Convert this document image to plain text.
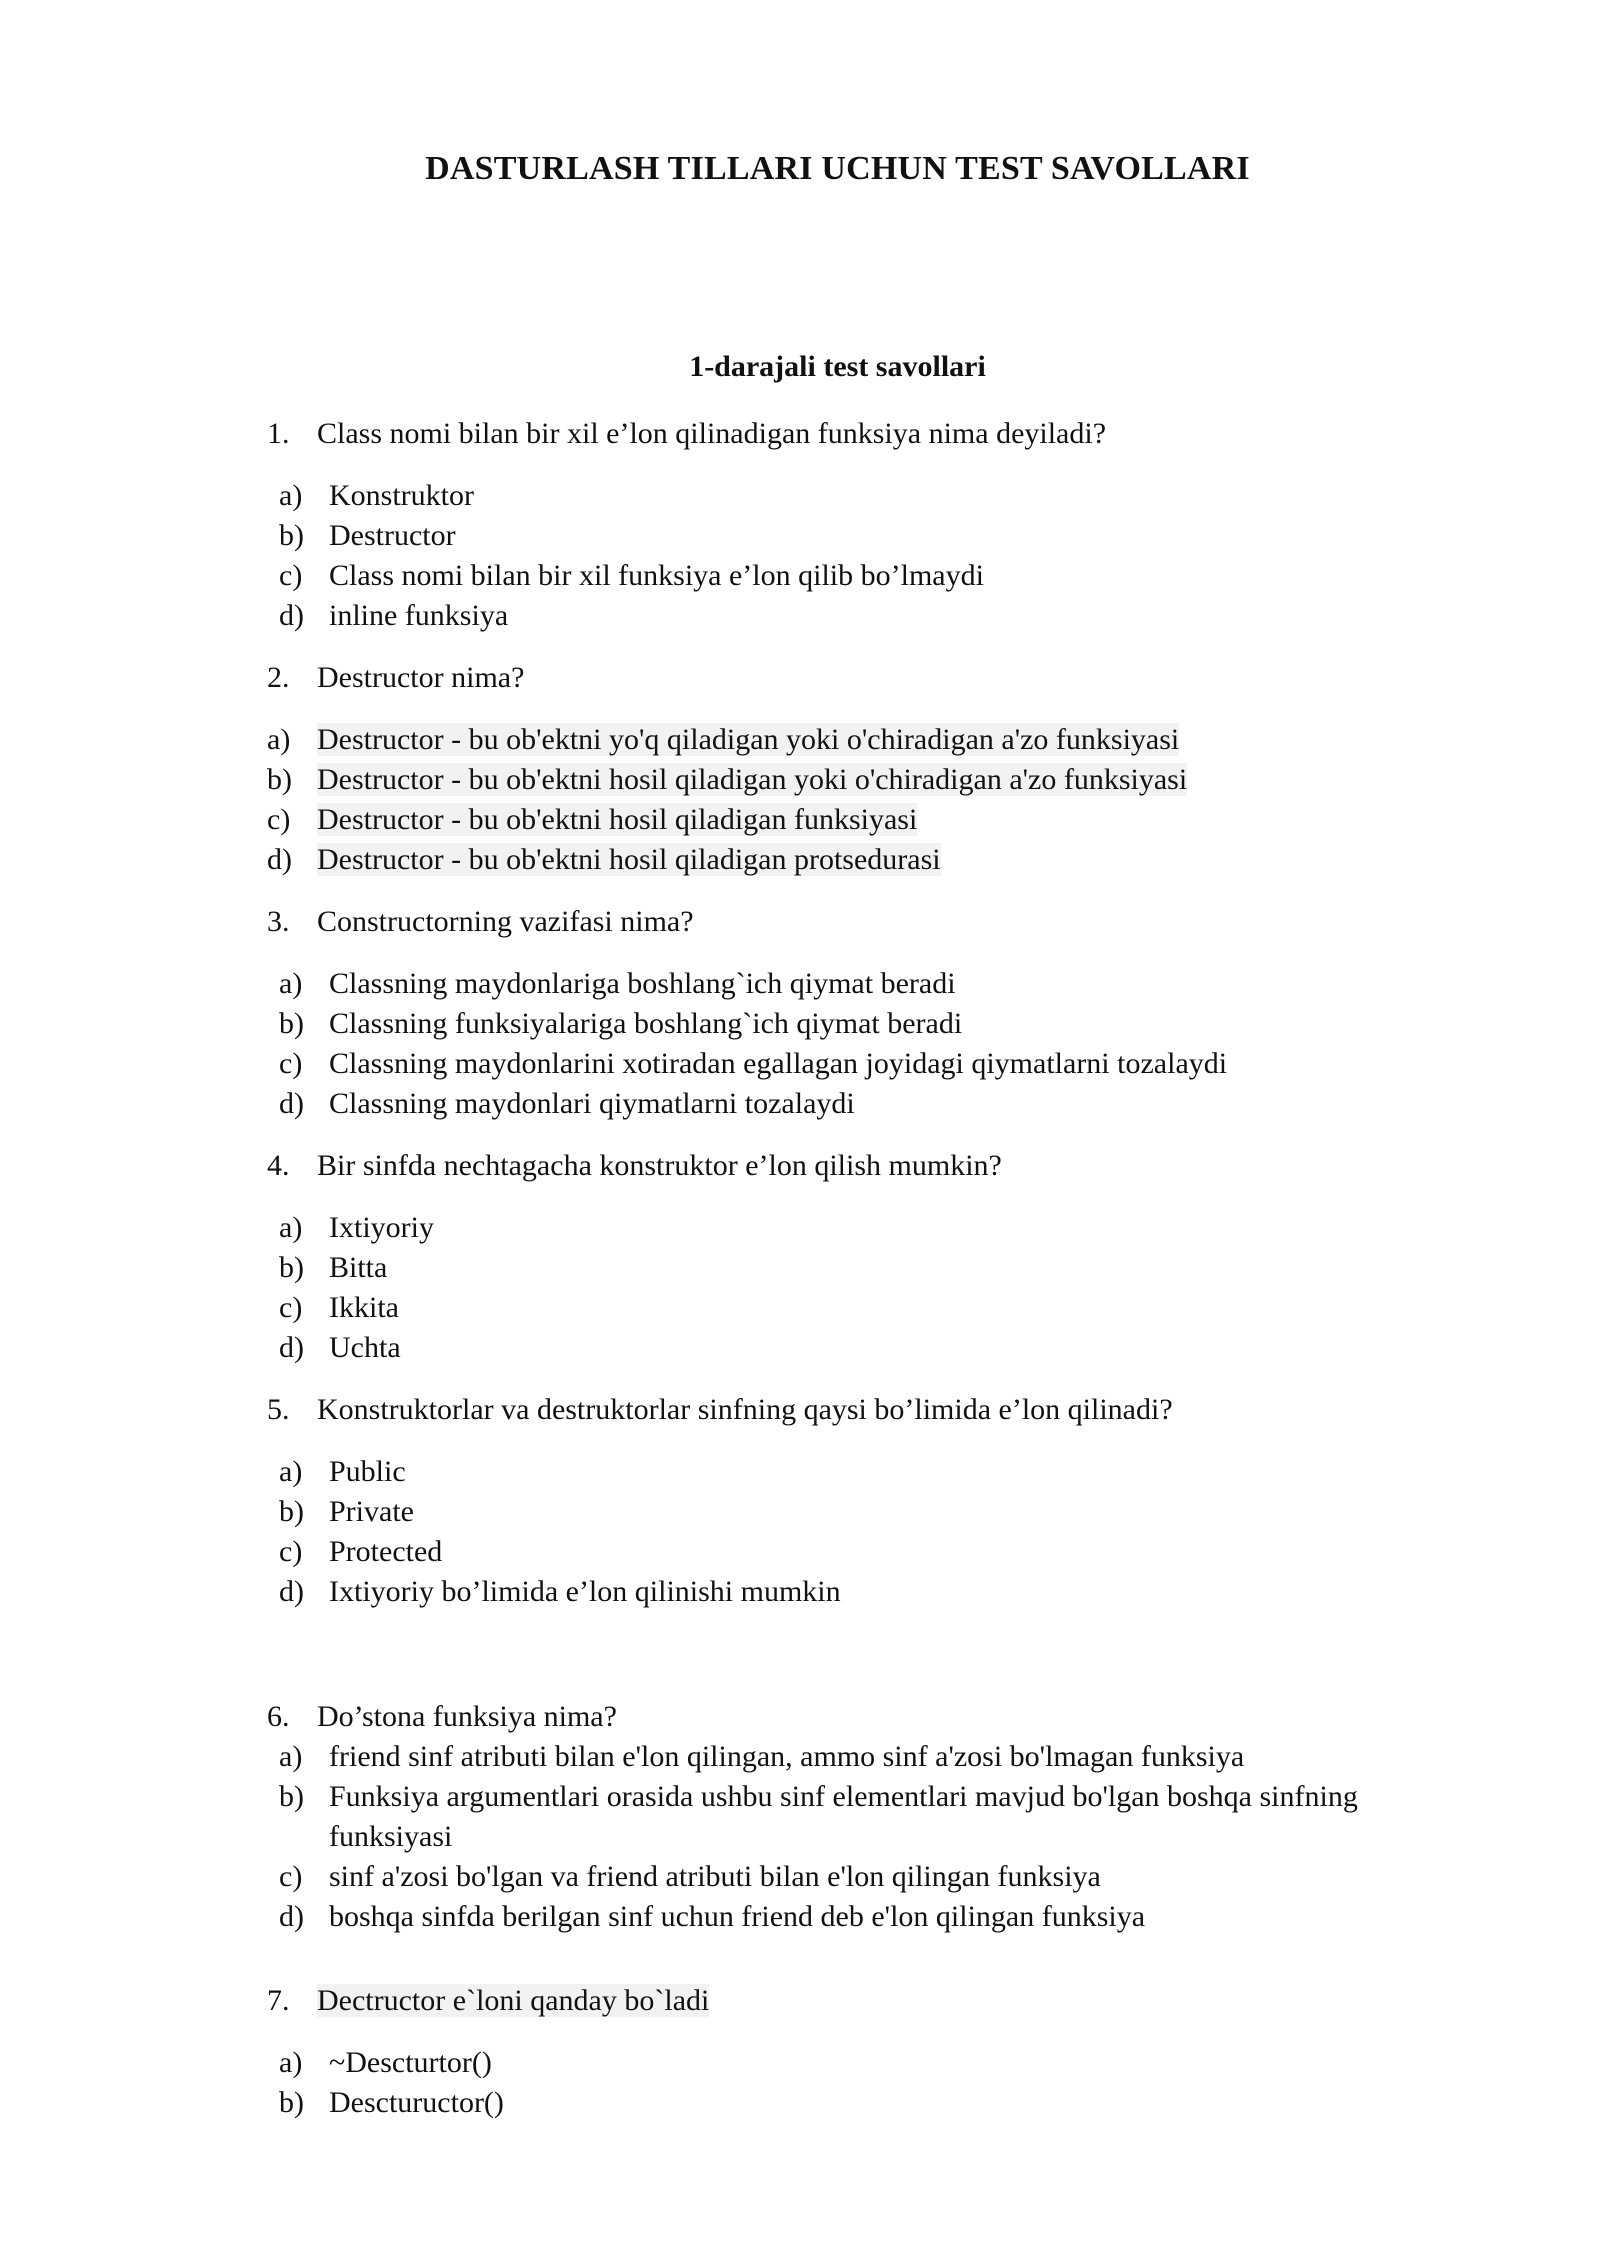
DASTURLASH TILLARI UCHUN TEST SAVOLLARI
1-darajali test savollari
1. Class nomi bilan bir xil e’lon qilinadigan funksiya nima deyiladi?
a) Konstruktor
b) Destructor
c) Class nomi bilan bir xil funksiya e’lon qilib bo’lmaydi
d) inline funksiya
2. Destructor nima?
a) Destructor - bu ob'ektni yo'q qiladigan yoki o'chiradigan a'zo funksiyasi
b) Destructor - bu ob'ektni hosil qiladigan yoki o'chiradigan a'zo funksiyasi
c) Destructor - bu ob'ektni hosil qiladigan funksiyasi
d) Destructor - bu ob'ektni hosil qiladigan protsedurasi
3. Constructorning vazifasi nima?
a) Classning maydonlariga boshlang`ich qiymat beradi
b) Classning funksiyalariga boshlang`ich qiymat beradi
c) Classning maydonlarini xotiradan egallagan joyidagi qiymatlarni tozalaydi
d) Classning maydonlari qiymatlarni tozalaydi
4. Bir sinfda nechtagacha konstruktor e’lon qilish mumkin?
a) Ixtiyoriy
b) Bitta
c) Ikkita
d) Uchta
5. Konstruktorlar va destruktorlar sinfning qaysi bo’limida e’lon qilinadi?
a) Public
b) Private
c) Protected
d) Ixtiyoriy bo’limida e’lon qilinishi mumkin
6. Do’stona funksiya nima?
a) friend sinf atributi bilan e'lon qilingan, ammo sinf a'zosi bo'lmagan funksiya
b) Funksiya argumentlari orasida ushbu sinf elementlari mavjud bo'lgan boshqa sinfning funksiyasi
c) sinf a'zosi bo'lgan va friend atributi bilan e'lon qilingan funksiya
d) boshqa sinfda berilgan sinf uchun friend deb e'lon qilingan funksiya
7. Dectructor e`loni qanday bo`ladi
a) ~Descturtor()
b) Desctuructor()
